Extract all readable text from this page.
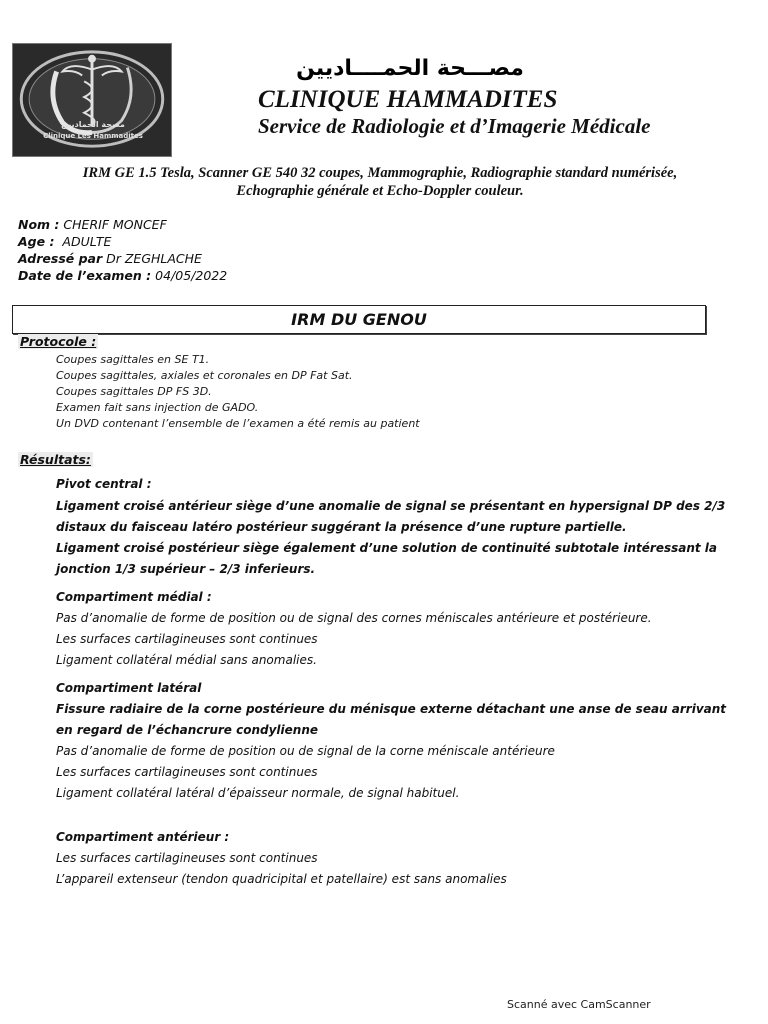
مصحة الحماديين
Clinique Les Hammadites
مصـــحة الحمــــاديين
CLINIQUE HAMMADITES
Service de Radiologie et d’Imagerie Médicale
IRM GE 1.5 Tesla, Scanner GE 540 32 coupes, Mammographie, Radiographie standard numérisée,
Echographie générale et Echo-Doppler couleur.
Nom : CHERIF MONCEF
Age : ADULTE
Adressé par Dr ZEGHLACHE
Date de l’examen : 04/05/2022
IRM DU GENOU
Protocole :
Coupes sagittales en SE T1.
Coupes sagittales, axiales et coronales en DP Fat Sat.
Coupes sagittales DP FS 3D.
Examen fait sans injection de GADO.
Un DVD contenant l’ensemble de l’examen a été remis au patient
Résultats:
Pivot central :
Ligament croisé antérieur siège d’une anomalie de signal se présentant en hypersignal DP des 2/3
distaux du faisceau latéro postérieur suggérant la présence d’une rupture partielle.
Ligament croisé postérieur siège également d’une solution de continuité subtotale intéressant la
jonction 1/3 supérieur – 2/3 inferieurs.
Compartiment médial :
Pas d’anomalie de forme de position ou de signal des cornes méniscales antérieure et postérieure.
Les surfaces cartilagineuses sont continues
Ligament collatéral médial sans anomalies.
Compartiment latéral
Fissure radiaire de la corne postérieure du ménisque externe détachant une anse de seau arrivant
en regard de l’échancrure condylienne
Pas d’anomalie de forme de position ou de signal de la corne méniscale antérieure
Les surfaces cartilagineuses sont continues
Ligament collatéral latéral d’épaisseur normale, de signal habituel.
Compartiment antérieur :
Les surfaces cartilagineuses sont continues
L’appareil extenseur (tendon quadricipital et patellaire) est sans anomalies
Scanné avec CamScanner
